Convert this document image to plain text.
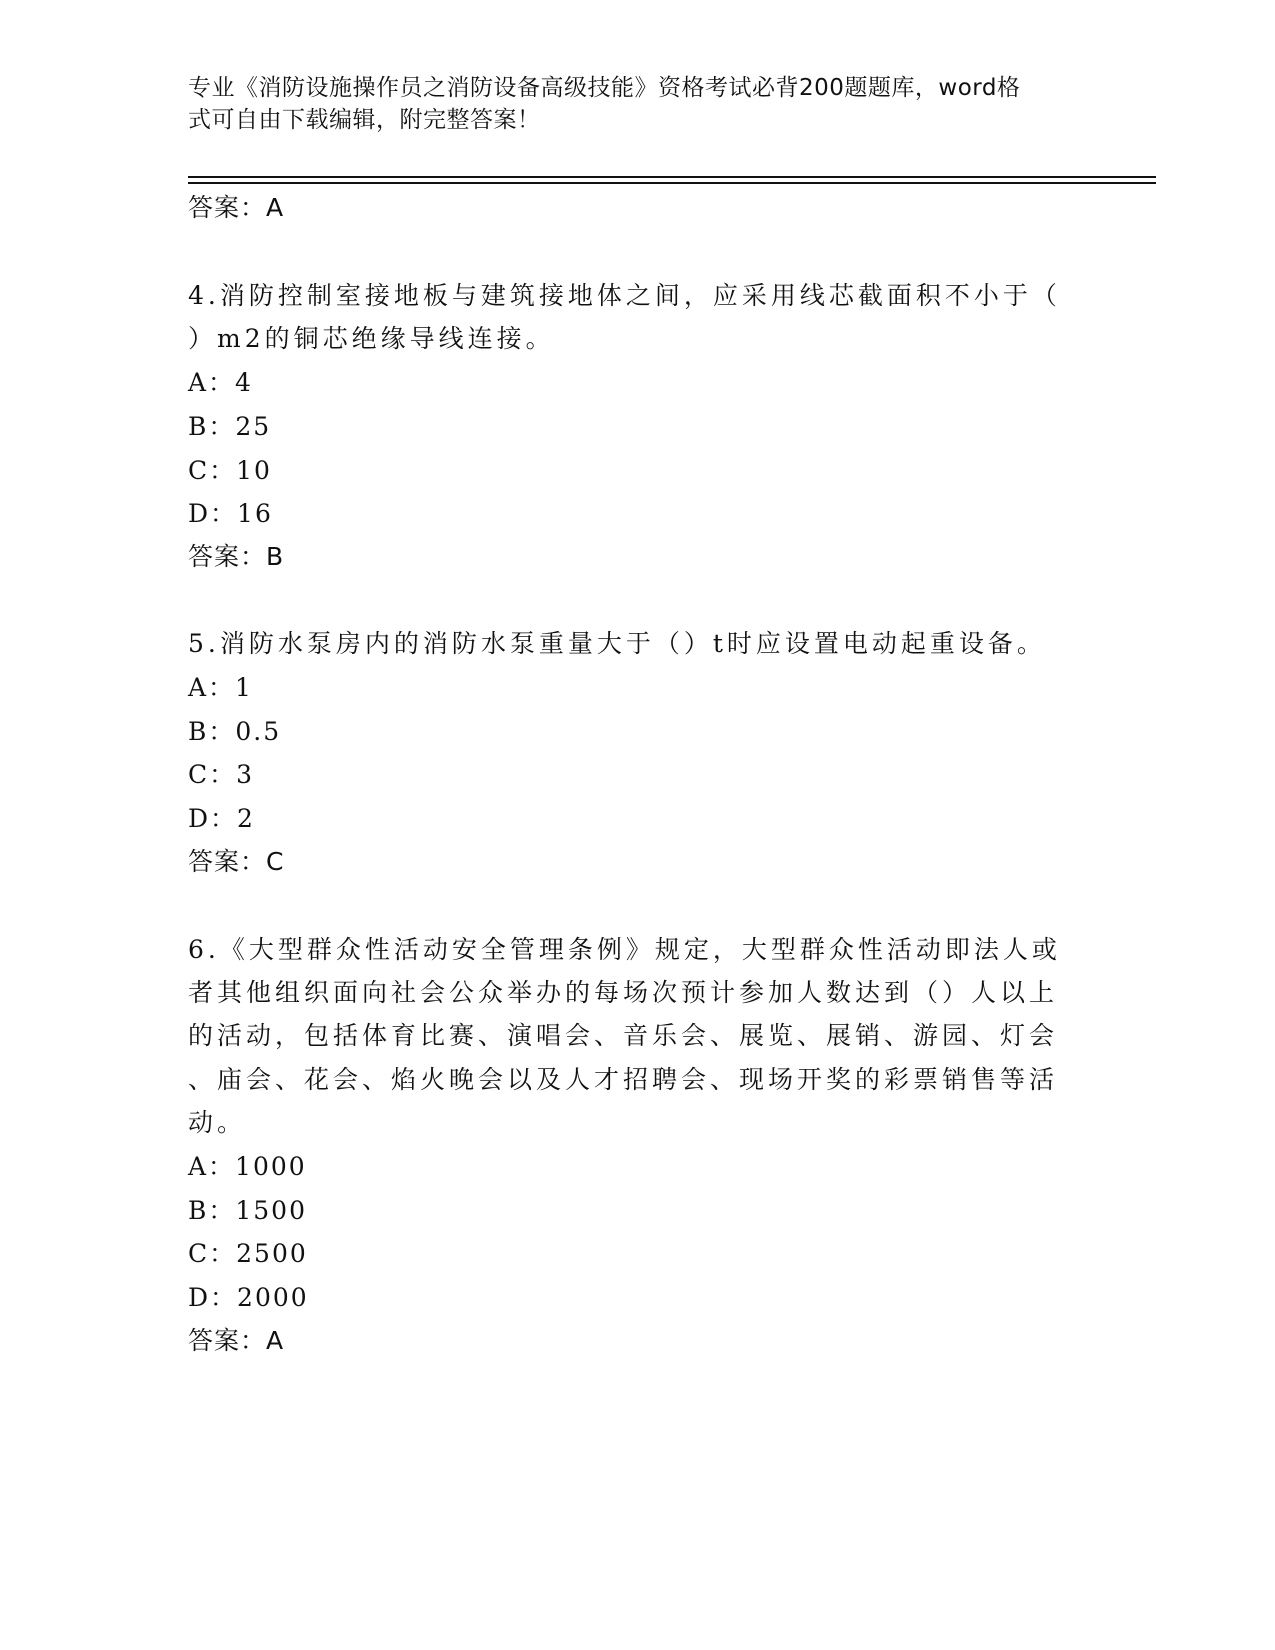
专业《消防设施操作员之消防设备高级技能》资格考试必背200题题库，word格
式可自由下载编辑，附完整答案！
答案：A
4.消防控制室接地板与建筑接地体之间，应采用线芯截面积不小于（
）m2的铜芯绝缘导线连接。
A：4
B：25
C：10
D：16
答案：B
5.消防水泵房内的消防水泵重量大于（）t时应设置电动起重设备。
A：1
B：0.5
C：3
D：2
答案：C
6.《大型群众性活动安全管理条例》规定，大型群众性活动即法人或
者其他组织面向社会公众举办的每场次预计参加人数达到（）人以上
的活动，包括体育比赛、演唱会、音乐会、展览、展销、游园、灯会
、庙会、花会、焰火晚会以及人才招聘会、现场开奖的彩票销售等活
动。
A：1000
B：1500
C：2500
D：2000
答案：A
